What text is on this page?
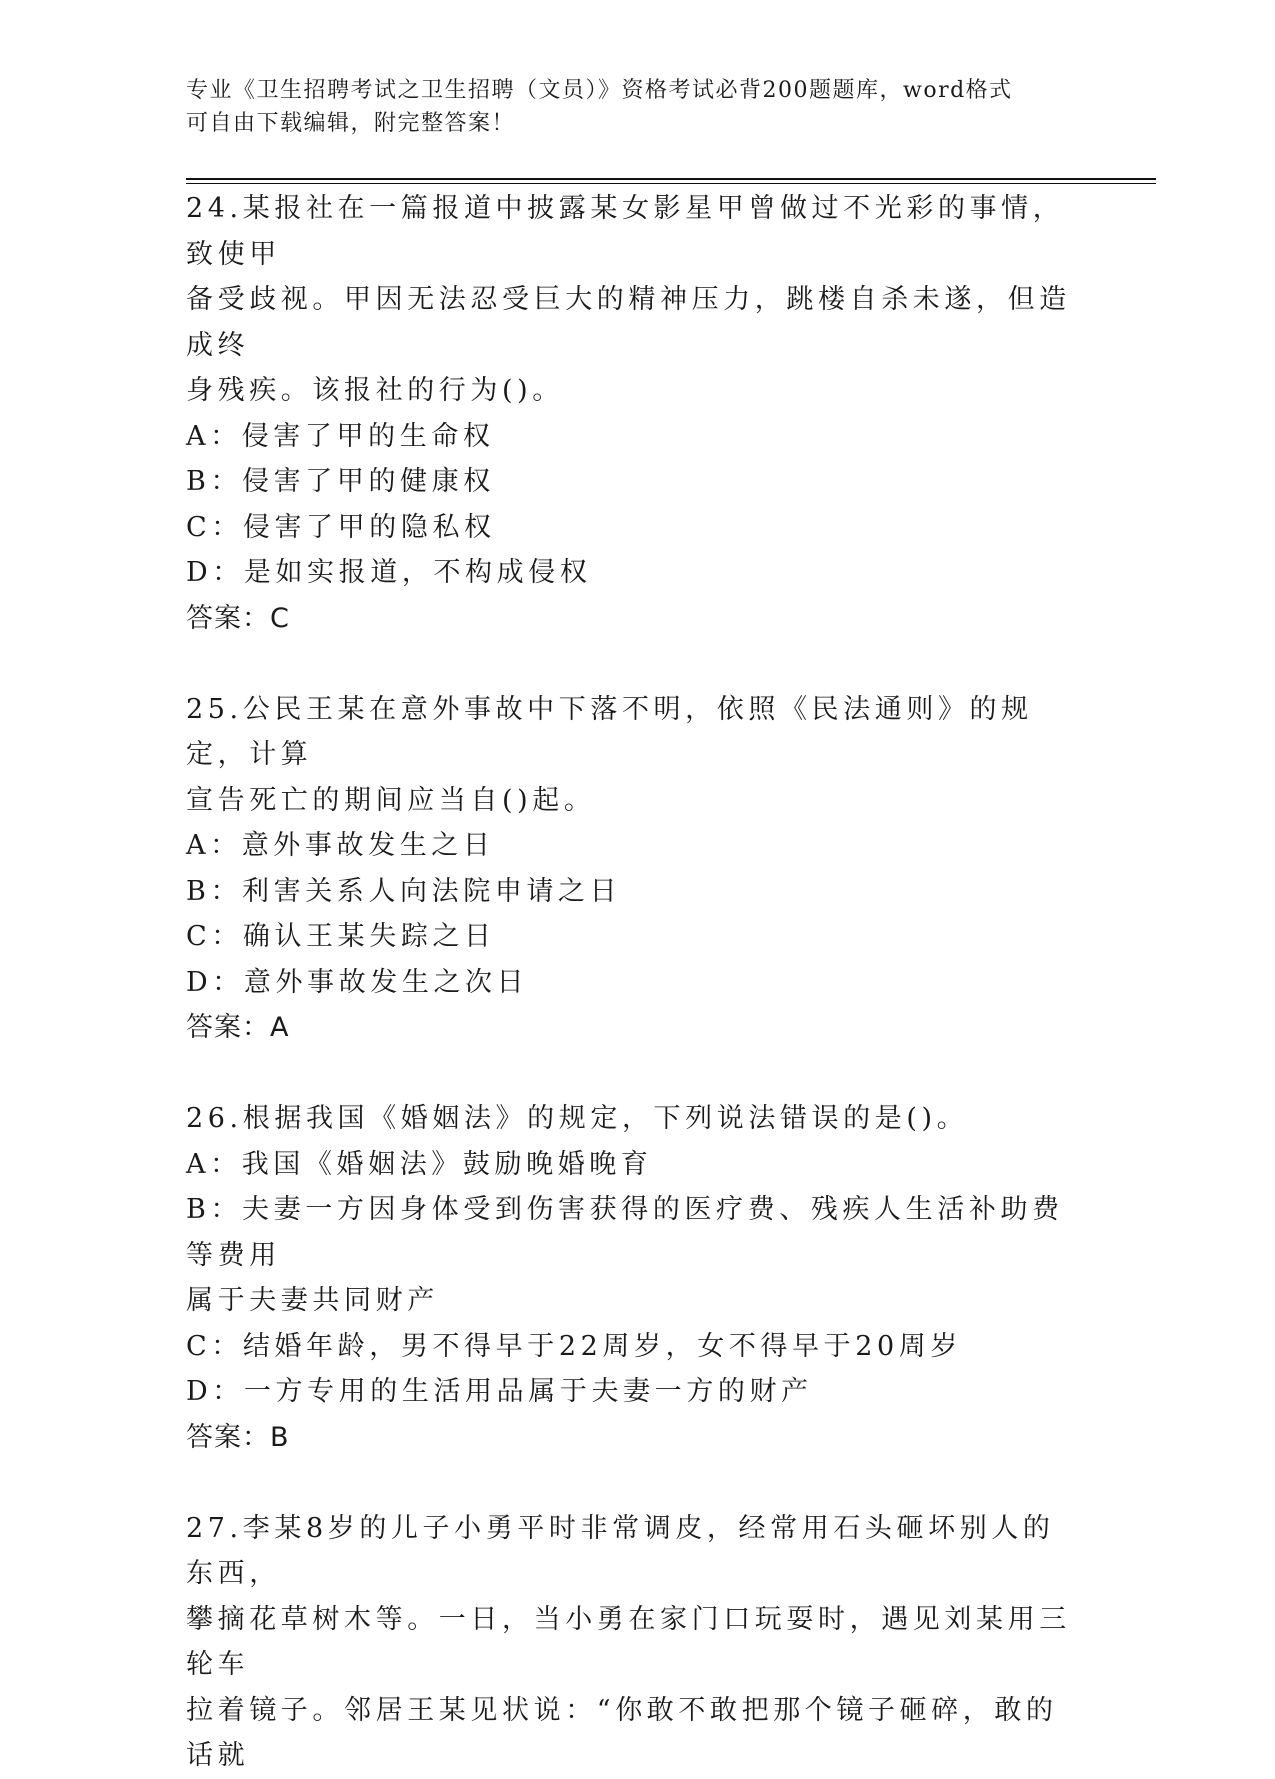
专业《卫生招聘考试之卫生招聘（文员）》资格考试必背200题题库，word格式
可自由下载编辑，附完整答案！
24.某报社在一篇报道中披露某女影星甲曾做过不光彩的事情，致使甲
备受歧视。甲因无法忍受巨大的精神压力，跳楼自杀未遂，但造成终
身残疾。该报社的行为()。
A：侵害了甲的生命权
B：侵害了甲的健康权
C：侵害了甲的隐私权
D：是如实报道，不构成侵权
答案：C
25.公民王某在意外事故中下落不明，依照《民法通则》的规定，计算
宣告死亡的期间应当自()起。
A：意外事故发生之日
B：利害关系人向法院申请之日
C：确认王某失踪之日
D：意外事故发生之次日
答案：A
26.根据我国《婚姻法》的规定，下列说法错误的是()。
A：我国《婚姻法》鼓励晚婚晚育
B：夫妻一方因身体受到伤害获得的医疗费、残疾人生活补助费等费用
属于夫妻共同财产
C：结婚年龄，男不得早于22周岁，女不得早于20周岁
D：一方专用的生活用品属于夫妻一方的财产
答案：B
27.李某8岁的儿子小勇平时非常调皮，经常用石头砸坏别人的东西，
攀摘花草树木等。一日，当小勇在家门口玩耍时，遇见刘某用三轮车
拉着镜子。邻居王某见状说：“你敢不敢把那个镜子砸碎，敢的话就
